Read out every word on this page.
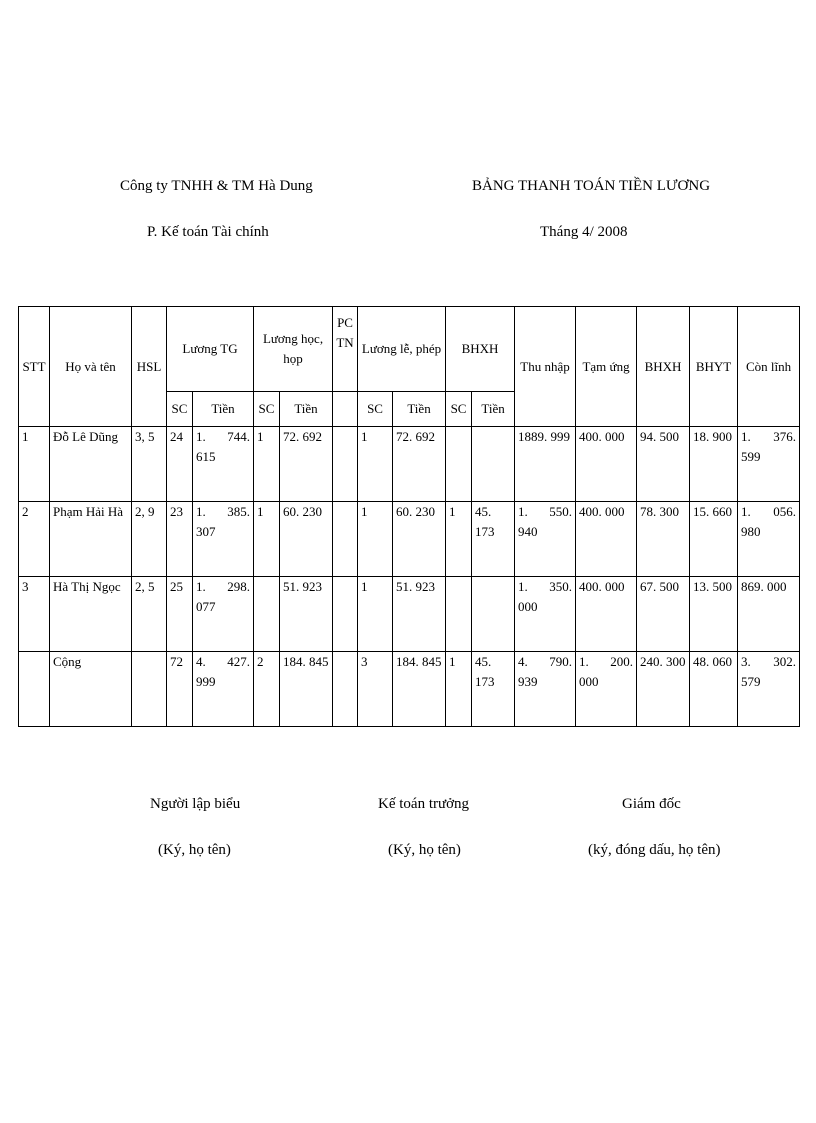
Công ty TNHH & TM Hà Dung
P. Kế toán Tài chính
BẢNG THANH TOÁN TIỀN LƯƠNG
Tháng 4/ 2008
STT	Họ và tên	HSL	Lương TG		Lương học, họp		PC TN	Lương lễ, phép		BHXH		Thu nhập	Tạm ứng	BHXH	BHYT	Còn lĩnh
			SC	Tiền	SC	Tiền		SC	Tiền	SC	Tiền					
1	Đỗ Lê Dũng	3, 5	24	1. 744. 615	1	72. 692		1	72. 692			1889. 999	400. 000	94. 500	18. 900	1. 376. 599
2	Phạm Hải Hà	2, 9	23	1. 385. 307	1	60. 230		1	60. 230	1	45. 173	1. 550. 940	400. 000	78. 300	15. 660	1. 056. 980
3	Hà Thị Ngọc	2, 5	25	1. 298. 077		51. 923		1	51. 923			1. 350. 000	400. 000	67. 500	13. 500	869. 000
	Cộng		72	4. 427. 999	2	184. 845		3	184. 845	1	45. 173	4. 790. 939	1. 200. 000	240. 300	48. 060	3. 302. 579
Người lập biểu
(Ký, họ tên)
Kế toán trưởng
(Ký, họ tên)
Giám đốc
(ký, đóng dấu, họ tên)
